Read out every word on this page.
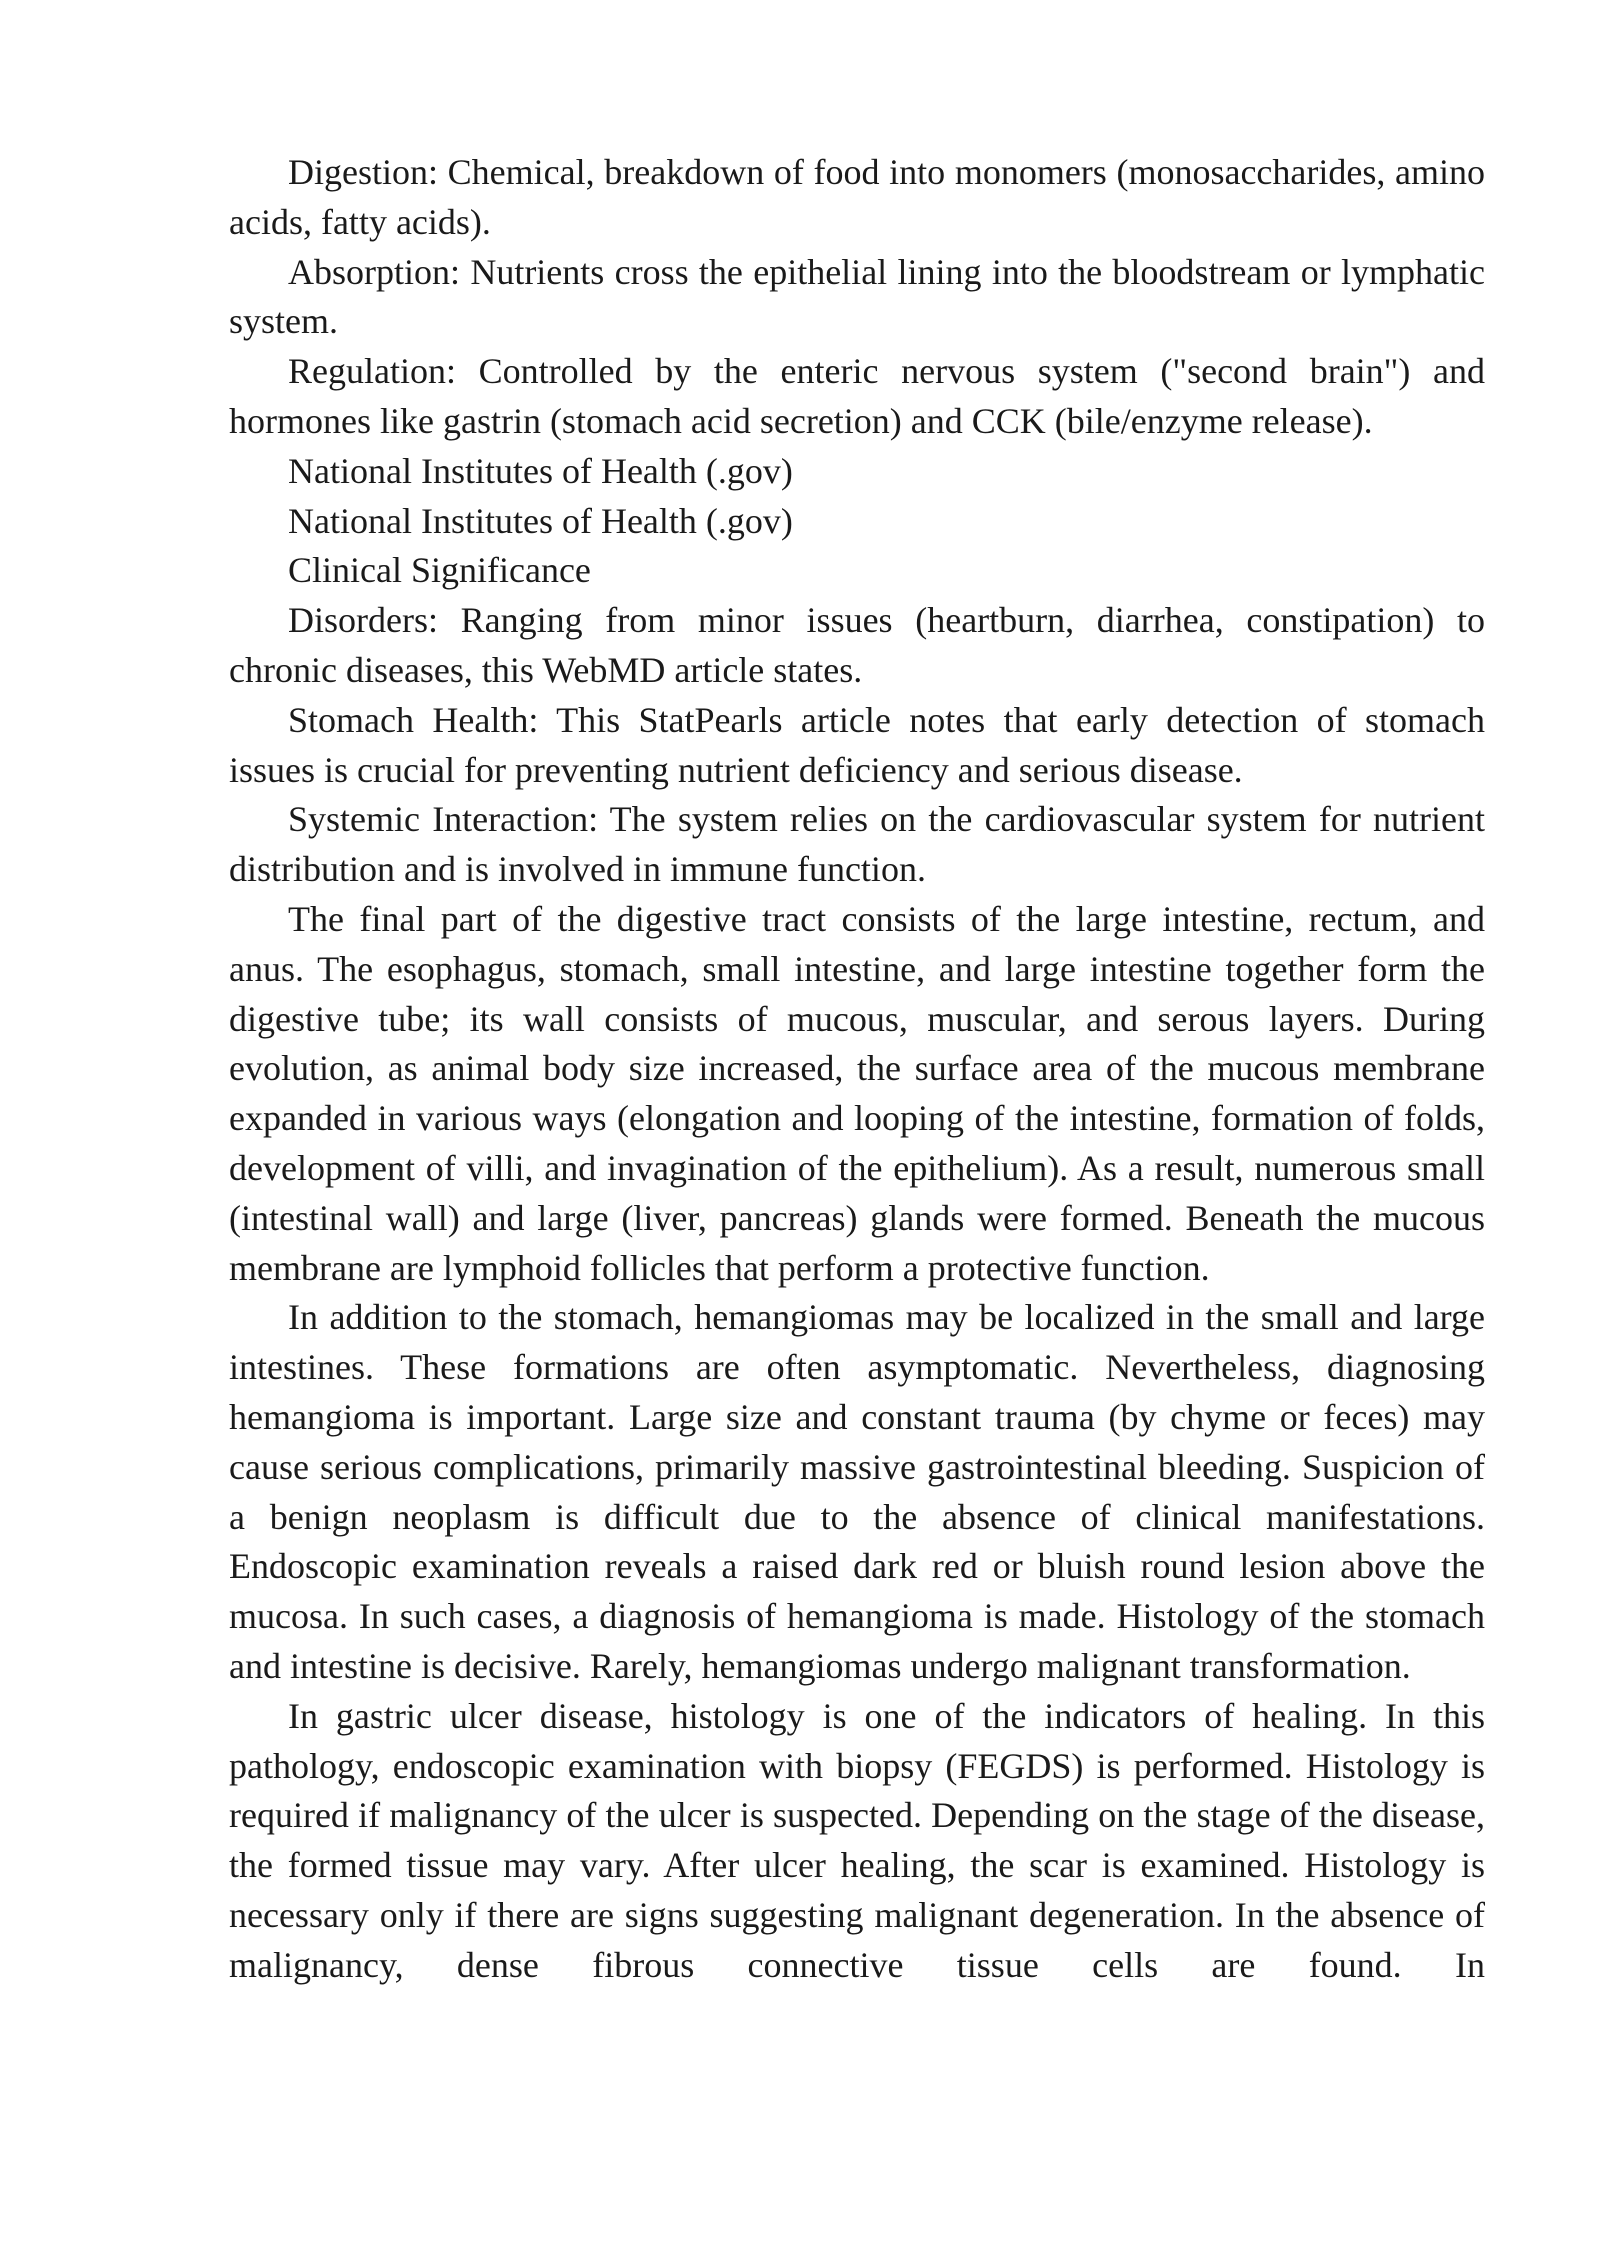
Digestion: Chemical, breakdown of food into monomers (monosaccharides, amino acids, fatty acids).

Absorption: Nutrients cross the epithelial lining into the bloodstream or lymphatic system.

Regulation: Controlled by the enteric nervous system ("second brain") and hormones like gastrin (stomach acid secretion) and CCK (bile/enzyme release).

National Institutes of Health (.gov)

National Institutes of Health (.gov)

Clinical Significance

Disorders: Ranging from minor issues (heartburn, diarrhea, constipation) to chronic diseases, this WebMD article states.

Stomach Health: This StatPearls article notes that early detection of stomach issues is crucial for preventing nutrient deficiency and serious disease.

Systemic Interaction: The system relies on the cardiovascular system for nutrient distribution and is involved in immune function.

The final part of the digestive tract consists of the large intestine, rectum, and anus. The esophagus, stomach, small intestine, and large intestine together form the digestive tube; its wall consists of mucous, muscular, and serous layers. During evolution, as animal body size increased, the surface area of the mucous membrane expanded in various ways (elongation and looping of the intestine, formation of folds, development of villi, and invagination of the epithelium). As a result, numerous small (intestinal wall) and large (liver, pancreas) glands were formed. Beneath the mucous membrane are lymphoid follicles that perform a protective function.

In addition to the stomach, hemangiomas may be localized in the small and large intestines. These formations are often asymptomatic. Nevertheless, diagnosing hemangioma is important. Large size and constant trauma (by chyme or feces) may cause serious complications, primarily massive gastrointestinal bleeding. Suspicion of a benign neoplasm is difficult due to the absence of clinical manifestations. Endoscopic examination reveals a raised dark red or bluish round lesion above the mucosa. In such cases, a diagnosis of hemangioma is made. Histology of the stomach and intestine is decisive. Rarely, hemangiomas undergo malignant transformation.

In gastric ulcer disease, histology is one of the indicators of healing. In this pathology, endoscopic examination with biopsy (FEGDS) is performed. Histology is required if malignancy of the ulcer is suspected. Depending on the stage of the disease, the formed tissue may vary. After ulcer healing, the scar is examined. Histology is necessary only if there are signs suggesting malignant degeneration. In the absence of malignancy, dense fibrous connective tissue cells are found. In
